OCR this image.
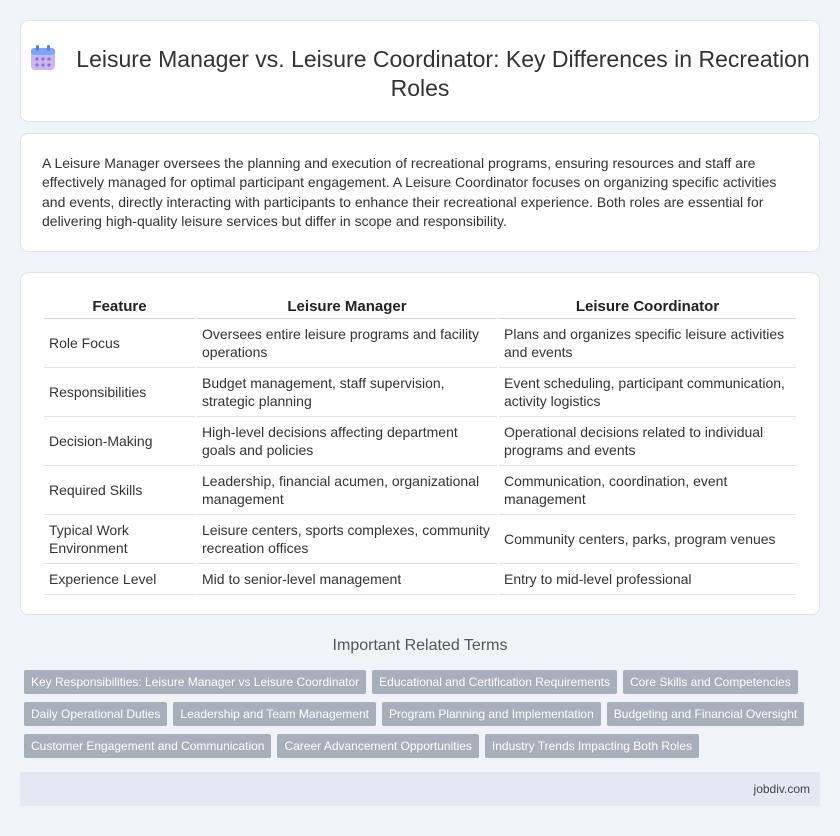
Leisure Manager vs. Leisure Coordinator: Key Differences in Recreation Roles

A Leisure Manager oversees the planning and execution of recreational programs, ensuring resources and staff are effectively managed for optimal participant engagement. A Leisure Coordinator focuses on organizing specific activities and events, directly interacting with participants to enhance their recreational experience. Both roles are essential for delivering high-quality leisure services but differ in scope and responsibility.

Feature	Leisure Manager	Leisure Coordinator
Role Focus	Oversees entire leisure programs and facility operations	Plans and organizes specific leisure activities and events
Responsibilities	Budget management, staff supervision, strategic planning	Event scheduling, participant communication, activity logistics
Decision-Making	High-level decisions affecting department goals and policies	Operational decisions related to individual programs and events
Required Skills	Leadership, financial acumen, organizational management	Communication, coordination, event management
Typical Work Environment	Leisure centers, sports complexes, community recreation offices	Community centers, parks, program venues
Experience Level	Mid to senior-level management	Entry to mid-level professional
Important Related Terms
Key Responsibilities: Leisure Manager vs Leisure Coordinator Educational and Certification Requirements Core Skills and Competencies
Daily Operational Duties Leadership and Team Management Program Planning and Implementation Budgeting and Financial Oversight
Customer Engagement and Communication Career Advancement Opportunities Industry Trends Impacting Both Roles
jobdiv.com
